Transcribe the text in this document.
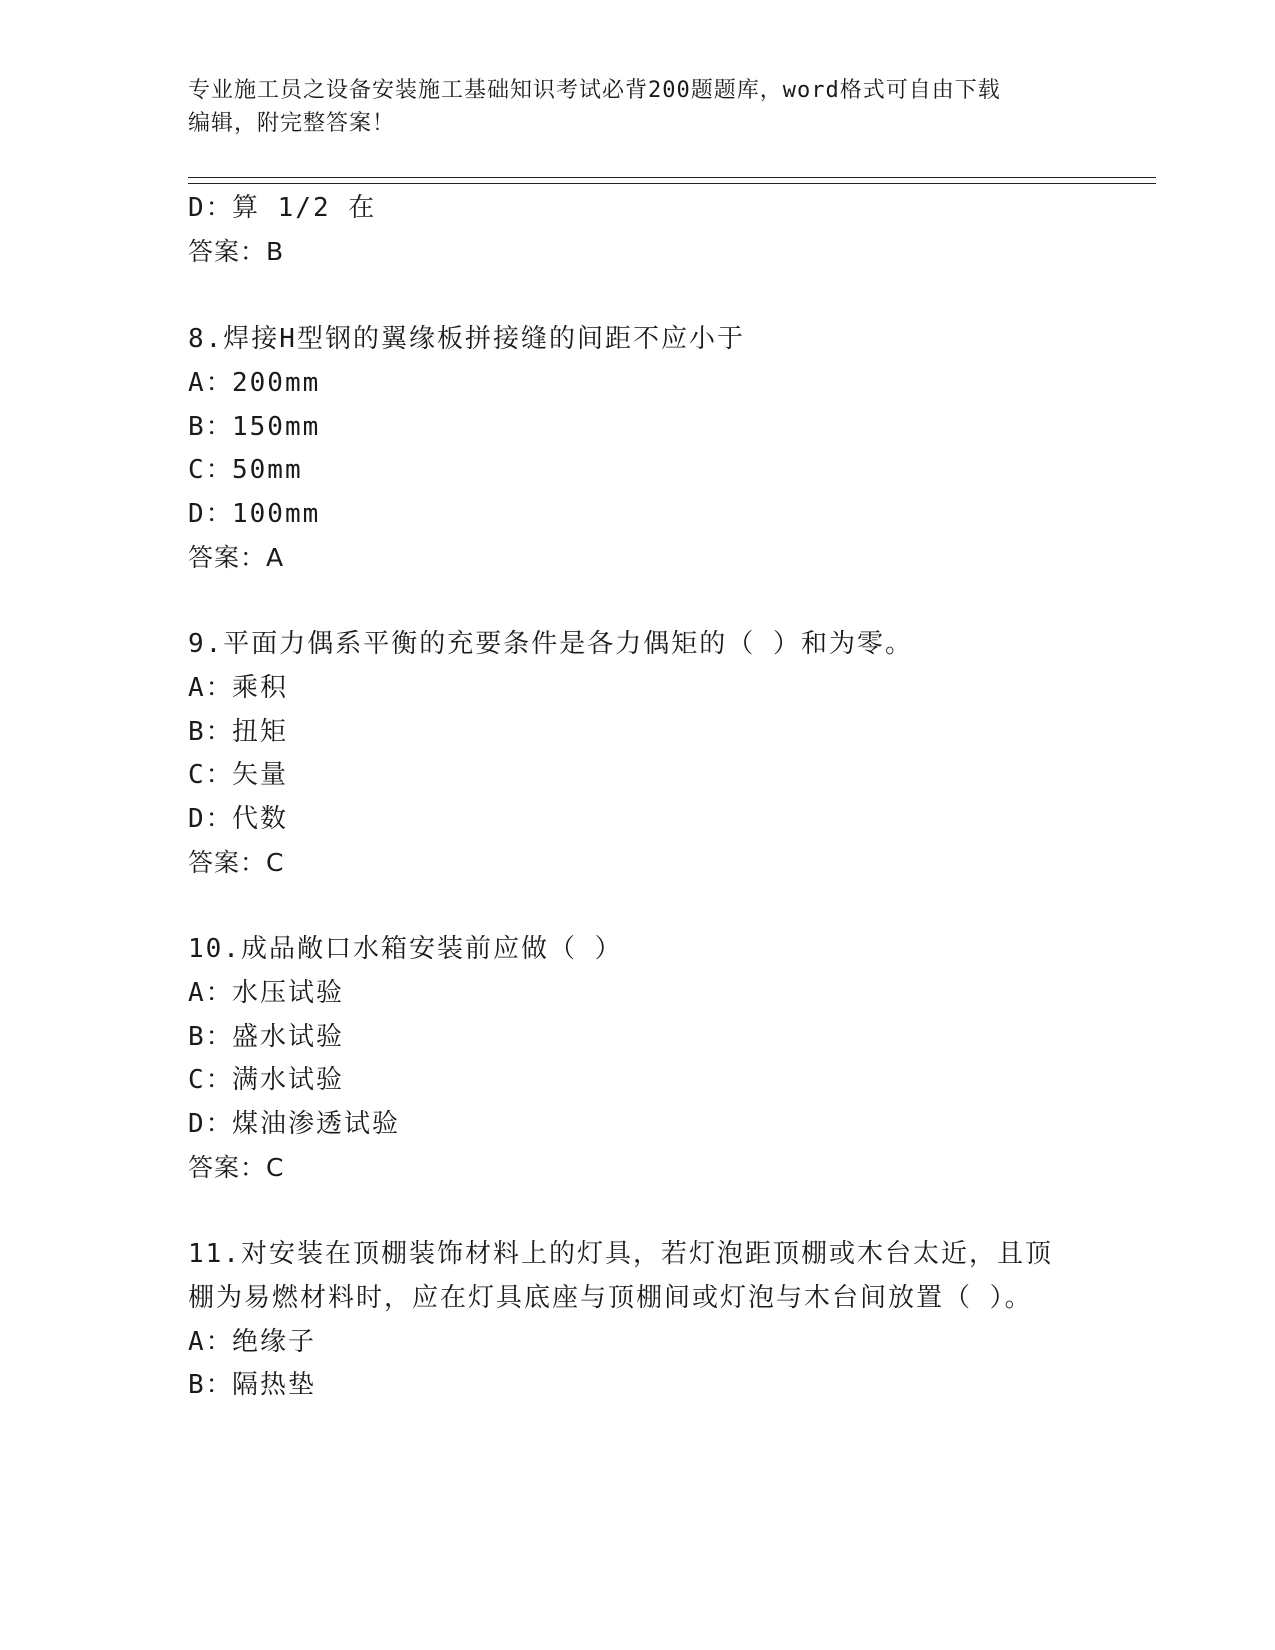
专业施工员之设备安装施工基础知识考试必背200题题库，word格式可自由下载
编辑，附完整答案！
D：算 1/2 在
答案：B
8.焊接H型钢的翼缘板拼接缝的间距不应小于
A：200mm
B：150mm
C：50mm
D：100mm
答案：A
9.平面力偶系平衡的充要条件是各力偶矩的（ ）和为零。
A：乘积
B：扭矩
C：矢量
D：代数
答案：C
10.成品敞口水箱安装前应做（ ）
A：水压试验
B：盛水试验
C：满水试验
D：煤油渗透试验
答案：C
11.对安装在顶棚装饰材料上的灯具，若灯泡距顶棚或木台太近，且顶
棚为易燃材料时，应在灯具底座与顶棚间或灯泡与木台间放置（ ）。
A：绝缘子
B：隔热垫
